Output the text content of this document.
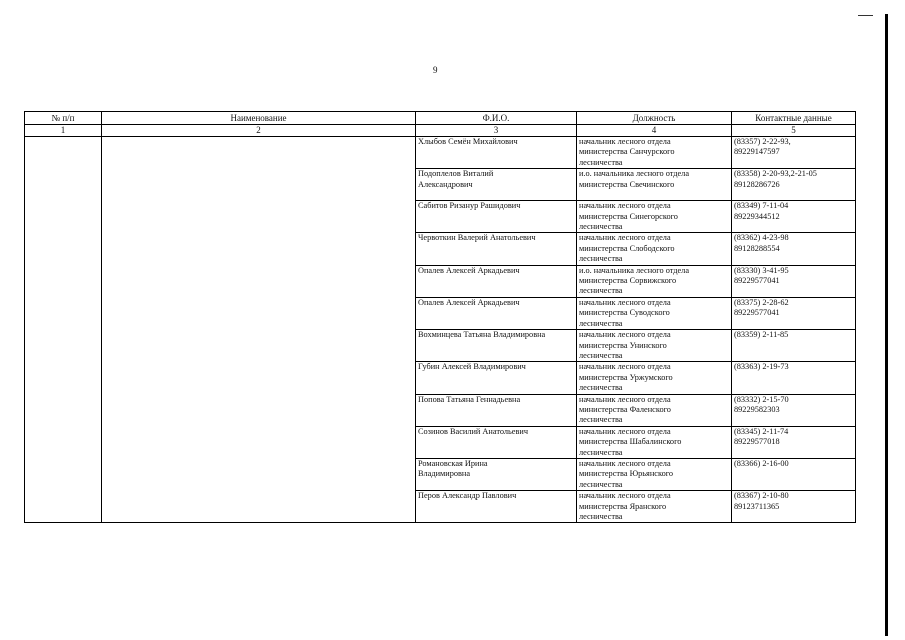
9
№ п/п	Наименование	Ф.И.О.	Должность	Контактные данные
1	2	3	4	5

		Хлыбов Семён Михайлович	начальник лесного отдела
министерства Санчурского
лесничества	(83357) 2-22-93,
89229147597

		Подоплелов Виталий
Александрович	и.о. начальника лесного отдела
министерства Свечинского	(83358) 2-20-93,2-21-05
89128286726

		Сабитов Ризанур Рашидович	начальник лесного отдела
министерства Синегорского
лесничества	(83349) 7-11-04
89229344512

		Червоткин Валерий Анатольевич	начальник лесного отдела
министерства Слободского
лесничества	(83362) 4-23-98
89128288554

		Опалев Алексей Аркадьевич	и.о. начальника лесного отдела
министерства Сорвижского
лесничества	(83330) 3-41-95
89229577041

		Опалев Алексей Аркадьевич	начальник лесного отдела
министерства Суводского
лесничества	(83375) 2-28-62
89229577041

		Вохминцева Татьяна Владимировна	начальник лесного отдела
министерства Унинского
лесничества	(83359) 2-11-85

		Губин Алексей Владимирович	начальник лесного отдела
министерства Уржумского
лесничества	(83363) 2-19-73

		Попова Татьяна Геннадьевна	начальник лесного отдела
министерства Фаленского
лесничества	(83332) 2-15-70
89229582303

		Созинов Василий Анатольевич	начальник лесного отдела
министерства Шабалинского
лесничества	(83345) 2-11-74
89229577018

		Романовская Ирина
Владимировна	начальник лесного отдела
министерства Юрьянского
лесничества	(83366) 2-16-00

		Перов Александр Павлович	начальник лесного отдела
министерства Яранского
лесничества	(83367) 2-10-80
89123711365
